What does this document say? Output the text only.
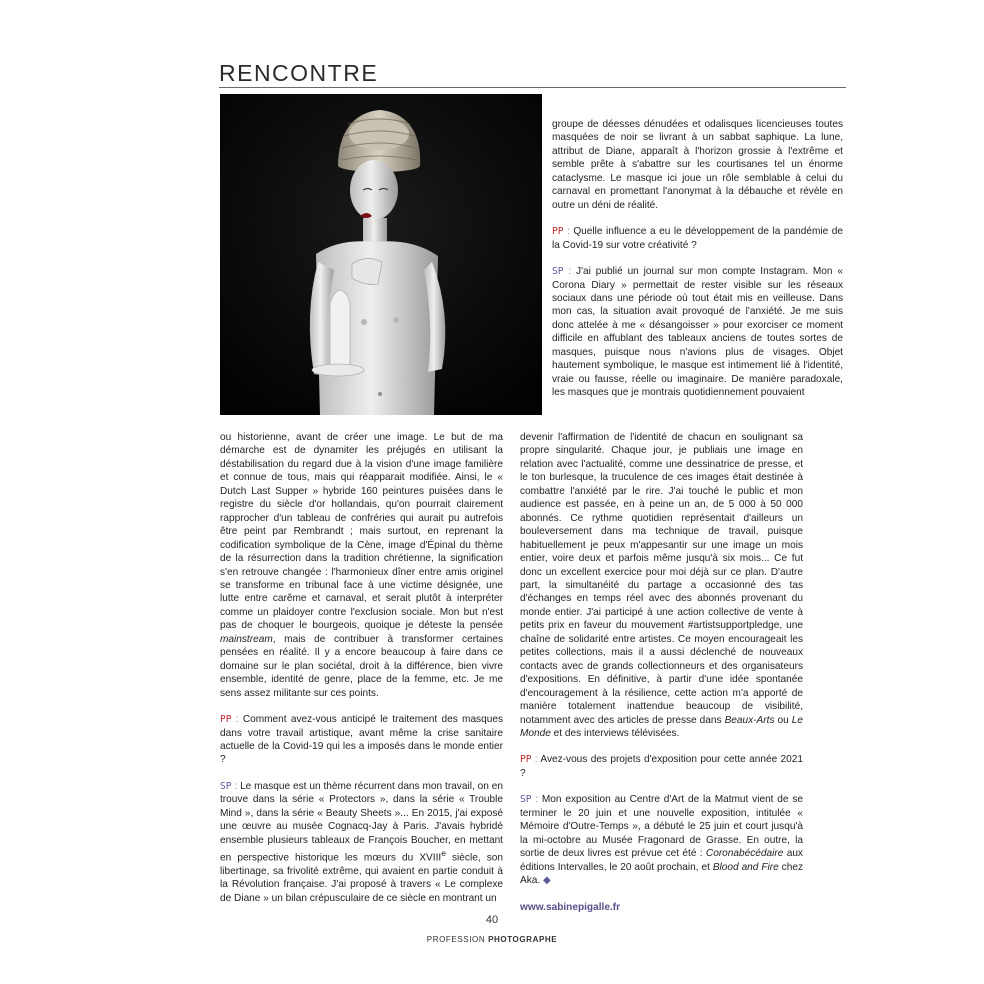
RENCONTRE

groupe de déesses dénudées et odalisques licencieuses toutes masquées de noir se livrant à un sabbat saphique. La lune, attribut de Diane, apparaît à l'horizon grossie à l'extrême et semble prête à s'abattre sur les courtisanes tel un énorme cataclysme. Le masque ici joue un rôle semblable à celui du carnaval en promettant l'anonymat à la débauche et révèle en outre un déni de réalité.

PP : Quelle influence a eu le développement de la pandémie de la Covid-19 sur votre créativité ?

SP : J'ai publié un journal sur mon compte Instagram. Mon « Corona Diary » permettait de rester visible sur les réseaux sociaux dans une période où tout était mis en veilleuse. Dans mon cas, la situation avait provoqué de l'anxiété. Je me suis donc attelée à me « désangoisser » pour exorciser ce moment difficile en affublant des tableaux anciens de toutes sortes de masques, puisque nous n'avions plus de visages. Objet hautement symbolique, le masque est intimement lié à l'identité, vraie ou fausse, réelle ou imaginaire. De manière paradoxale, les masques que je montrais quotidiennement pouvaient

ou historienne, avant de créer une image. Le but de ma démarche est de dynamiter les préjugés en utilisant la déstabilisation du regard due à la vision d'une image familière et connue de tous, mais qui réapparait modifiée. Ainsi, le « Dutch Last Supper » hybride 160 peintures puisées dans le registre du siècle d'or hollandais, qu'on pourrait clairement rapprocher d'un tableau de confréries qui aurait pu autrefois être peint par Rembrandt ; mais surtout, en reprenant la codification symbolique de la Cène, image d'Épinal du thème de la résurrection dans la tradition chrétienne, la signification s'en retrouve changée : l'harmonieux dîner entre amis originel se transforme en tribunal face à une victime désignée, une lutte entre carême et carnaval, et serait plutôt à interpréter comme un plaidoyer contre l'exclusion sociale. Mon but n'est pas de choquer le bourgeois, quoique je déteste la pensée mainstream, mais de contribuer à transformer certaines pensées en réalité. Il y a encore beaucoup à faire dans ce domaine sur le plan sociétal, droit à la différence, bien vivre ensemble, identité de genre, place de la femme, etc. Je me sens assez militante sur ces points.

PP : Comment avez-vous anticipé le traitement des masques dans votre travail artistique, avant même la crise sanitaire actuelle de la Covid-19 qui les a imposés dans le monde entier ?

SP : Le masque est un thème récurrent dans mon travail, on en trouve dans la série « Protectors », dans la série « Trouble Mind », dans la série « Beauty Sheets »... En 2015, j'ai exposé une œuvre au musée Cognacq-Jay à Paris. J'avais hybridé ensemble plusieurs tableaux de François Boucher, en mettant en perspective historique les mœurs du XVIIIe siècle, son libertinage, sa frivolité extrême, qui avaient en partie conduit à la Révolution française. J'ai proposé à travers « Le complexe de Diane » un bilan crépusculaire de ce siècle en montrant un

devenir l'affirmation de l'identité de chacun en soulignant sa propre singularité. Chaque jour, je publiais une image en relation avec l'actualité, comme une dessinatrice de presse, et le ton burlesque, la truculence de ces images était destinée à combattre l'anxiété par le rire. J'ai touché le public et mon audience est passée, en à peine un an, de 5 000 à 50 000 abonnés. Ce rythme quotidien représentait d'ailleurs un bouleversement dans ma technique de travail, puisque habituellement je peux m'appesantir sur une image un mois entier, voire deux et parfois même jusqu'à six mois... Ce fut donc un excellent exercice pour moi déjà sur ce plan. D'autre part, la simultanéité du partage a occasionné des tas d'échanges en temps réel avec des abonnés provenant du monde entier. J'ai participé à une action collective de vente à petits prix en faveur du mouvement #artistsupportpledge, une chaîne de solidarité entre artistes. Ce moyen encourageait les petites collections, mais il a aussi déclenché de nouveaux contacts avec de grands collectionneurs et des organisateurs d'expositions. En définitive, à partir d'une idée spontanée d'encouragement à la résilience, cette action m'a apporté de manière totalement inattendue beaucoup de visibilité, notamment avec des articles de presse dans Beaux-Arts ou Le Monde et des interviews télévisées.

PP : Avez-vous des projets d'exposition pour cette année 2021 ?

SP : Mon exposition au Centre d'Art de la Matmut vient de se terminer le 20 juin et une nouvelle exposition, intitulée « Mémoire d'Outre-Temps », a débuté le 25 juin et court jusqu'à la mi-octobre au Musée Fragonard de Grasse. En outre, la sortie de deux livres est prévue cet été : Coronabécédaire aux éditions Intervalles, le 20 août prochain, et Blood and Fire chez Aka. ◆

www.sabinepigalle.fr

40
PROFESSION PHOTOGRAPHE
